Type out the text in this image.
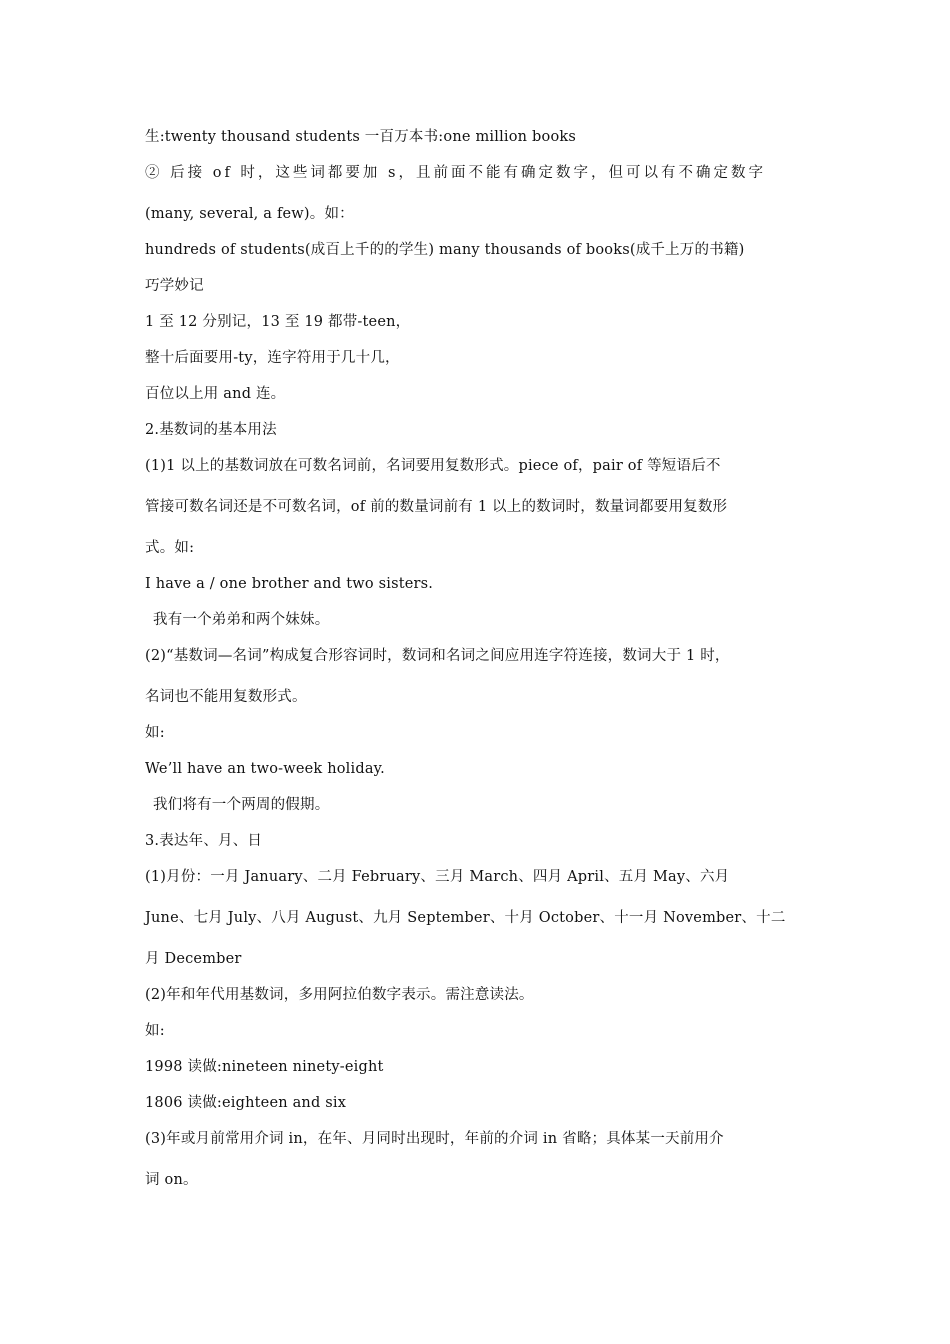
生:twenty thousand students 一百万本书:one million books
② 后接 of 时，这些词都要加 s，且前面不能有确定数字，但可以有不确定数字
(many, several, a few)。如：
hundreds of students(成百上千的的学生) many thousands of books(成千上万的书籍)
巧学妙记
1 至 12 分别记，13 至 19 都带-teen，
整十后面要用-ty，连字符用于几十几，
百位以上用 and 连。
2.基数词的基本用法
(1)1 以上的基数词放在可数名词前，名词要用复数形式。piece of，pair of 等短语后不
管接可数名词还是不可数名词，of 前的数量词前有 1 以上的数词时，数量词都要用复数形
式。如:
I have a / one brother and two sisters.
我有一个弟弟和两个妹妹。
(2)“基数词—名词”构成复合形容词时，数词和名词之间应用连字符连接，数词大于 1 时，
名词也不能用复数形式。
如:
We’ll have an two-week holiday.
我们将有一个两周的假期。
3.表达年、月、日
(1)月份：一月 January、二月 February、三月 March、四月 April、五月 May、六月
June、七月 July、八月 August、九月 September、十月 October、十一月 November、十二
月 December
(2)年和年代用基数词，多用阿拉伯数字表示。需注意读法。
如:
1998 读做:nineteen ninety-eight
1806 读做:eighteen and six
(3)年或月前常用介词 in，在年、月同时出现时，年前的介词 in 省略；具体某一天前用介
词 on。
